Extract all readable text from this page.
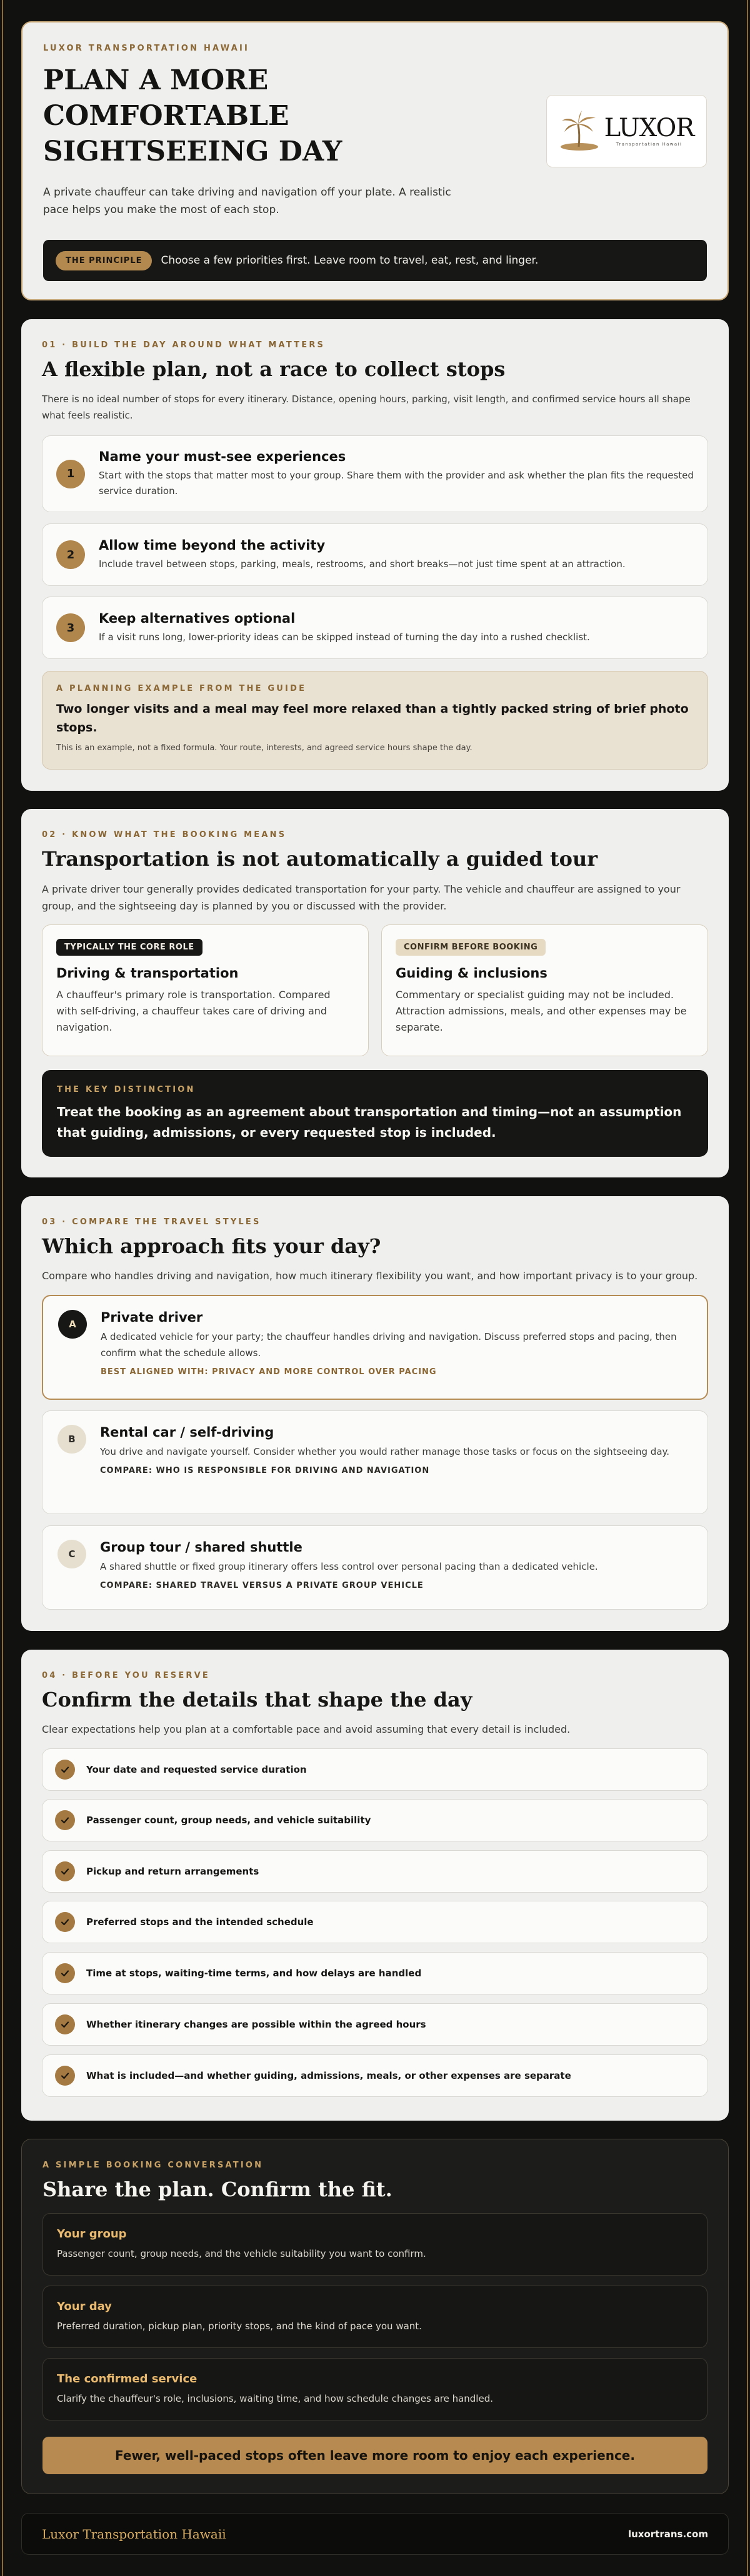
LUXOR TRANSPORTATION HAWAII
PLAN A MORE
COMFORTABLE
SIGHTSEEING DAY

A private chauffeur can take driving and navigation off your plate. A realistic pace helps you make the most of each stop.

LUXOR
Transportation Hawaii
THE PRINCIPLE	Choose a few priorities first. Leave room to travel, eat, rest, and linger.
01 · BUILD THE DAY AROUND WHAT MATTERS
A flexible plan, not a race to collect stops

There is no ideal number of stops for every itinerary. Distance, opening hours, parking, visit length, and confirmed service hours all shape what feels realistic.

1
Name your must-see experiences
Start with the stops that matter most to your group. Share them with the provider and ask whether the plan fits the requested service duration.
2
Allow time beyond the activity
Include travel between stops, parking, meals, restrooms, and short breaks—not just time spent at an attraction.
3
Keep alternatives optional
If a visit runs long, lower-priority ideas can be skipped instead of turning the day into a rushed checklist.
A PLANNING EXAMPLE FROM THE GUIDE
Two longer visits and a meal may feel more relaxed than a tightly packed string of brief photo stops.
This is an example, not a fixed formula. Your route, interests, and agreed service hours shape the day.
02 · KNOW WHAT THE BOOKING MEANS
Transportation is not automatically a guided tour

A private driver tour generally provides dedicated transportation for your party. The vehicle and chauffeur are assigned to your group, and the sightseeing day is planned by you or discussed with the provider.

TYPICALLY THE CORE ROLE
Driving & transportation
A chauffeur's primary role is transportation. Compared with self-driving, a chauffeur takes care of driving and navigation.
CONFIRM BEFORE BOOKING
Guiding & inclusions
Commentary or specialist guiding may not be included. Attraction admissions, meals, and other expenses may be separate.
THE KEY DISTINCTION
Treat the booking as an agreement about transportation and timing—not an assumption that guiding, admissions, or every requested stop is included.
03 · COMPARE THE TRAVEL STYLES
Which approach fits your day?

Compare who handles driving and navigation, how much itinerary flexibility you want, and how important privacy is to your group.

A	Private driver
A dedicated vehicle for your party; the chauffeur handles driving and navigation. Discuss preferred stops and pacing, then confirm what the schedule allows.
BEST ALIGNED WITH: PRIVACY AND MORE CONTROL OVER PACING
B	Rental car / self-driving
You drive and navigate yourself. Consider whether you would rather manage those tasks or focus on the sightseeing day.
COMPARE: WHO IS RESPONSIBLE FOR DRIVING AND NAVIGATION
C	Group tour / shared shuttle
A shared shuttle or fixed group itinerary offers less control over personal pacing than a dedicated vehicle.
COMPARE: SHARED TRAVEL VERSUS A PRIVATE GROUP VEHICLE
04 · BEFORE YOU RESERVE
Confirm the details that shape the day

Clear expectations help you plan at a comfortable pace and avoid assuming that every detail is included.

Your date and requested service duration
Passenger count, group needs, and vehicle suitability
Pickup and return arrangements
Preferred stops and the intended schedule
Time at stops, waiting-time terms, and how delays are handled
Whether itinerary changes are possible within the agreed hours
What is included—and whether guiding, admissions, meals, or other expenses are separate
A SIMPLE BOOKING CONVERSATION
Share the plan. Confirm the fit.
Your group
Passenger count, group needs, and the vehicle suitability you want to confirm.
Your day
Preferred duration, pickup plan, priority stops, and the kind of pace you want.
The confirmed service
Clarify the chauffeur's role, inclusions, waiting time, and how schedule changes are handled.
Fewer, well-paced stops often leave more room to enjoy each experience.
Luxor Transportation Hawaii	luxortrans.com
